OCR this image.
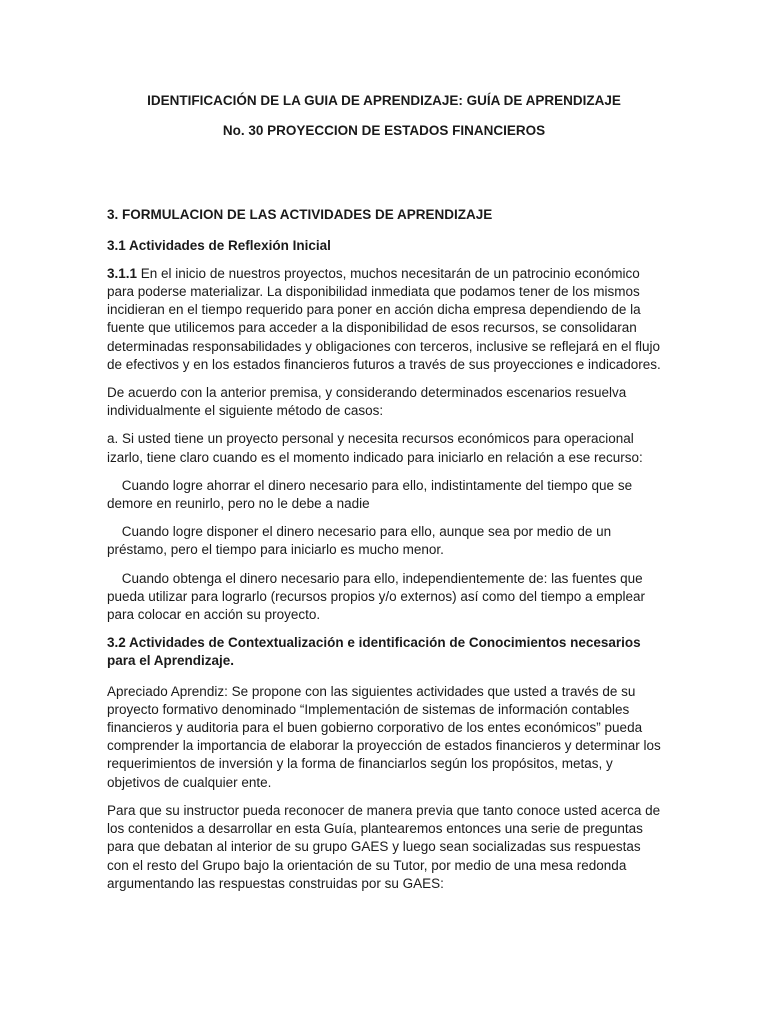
IDENTIFICACIÓN DE LA GUIA DE APRENDIZAJE: GUÍA DE APRENDIZAJE
No. 30 PROYECCION DE ESTADOS FINANCIEROS
3. FORMULACION DE LAS ACTIVIDADES DE APRENDIZAJE
3.1 Actividades de Reflexión Inicial

3.1.1 En el inicio de nuestros proyectos, muchos necesitarán de un patrocinio económico para poderse materializar. La disponibilidad inmediata que podamos tener de los mismos incidieran en el tiempo requerido para poner en acción dicha empresa dependiendo de la fuente que utilicemos para acceder a la disponibilidad de esos recursos, se consolidaran determinadas responsabilidades y obligaciones con terceros, inclusive se reflejará en el flujo de efectivos y en los estados financieros futuros a través de sus proyecciones e indicadores.

De acuerdo con la anterior premisa, y considerando determinados escenarios resuelva individualmente el siguiente método de casos:

a. Si usted tiene un proyecto personal y necesita recursos económicos para operacional izarlo, tiene claro cuando es el momento indicado para iniciarlo en relación a ese recurso:

Cuando logre ahorrar el dinero necesario para ello, indistintamente del tiempo que se demore en reunirlo, pero no le debe a nadie

Cuando logre disponer el dinero necesario para ello, aunque sea por medio de un préstamo, pero el tiempo para iniciarlo es mucho menor.

Cuando obtenga el dinero necesario para ello, independientemente de: las fuentes que pueda utilizar para lograrlo (recursos propios y/o externos) así como del tiempo a emplear para colocar en acción su proyecto.

3.2 Actividades de Contextualización e identificación de Conocimientos necesarios para el Aprendizaje.

Apreciado Aprendiz: Se propone con las siguientes actividades que usted a través de su proyecto formativo denominado “Implementación de sistemas de información contables financieros y auditoria para el buen gobierno corporativo de los entes económicos” pueda comprender la importancia de elaborar la proyección de estados financieros y determinar los requerimientos de inversión y la forma de financiarlos según los propósitos, metas, y objetivos de cualquier ente.

Para que su instructor pueda reconocer de manera previa que tanto conoce usted acerca de los contenidos a desarrollar en esta Guía, plantearemos entonces una serie de preguntas para que debatan al interior de su grupo GAES y luego sean socializadas sus respuestas con el resto del Grupo bajo la orientación de su Tutor, por medio de una mesa redonda argumentando las respuestas construidas por su GAES:
